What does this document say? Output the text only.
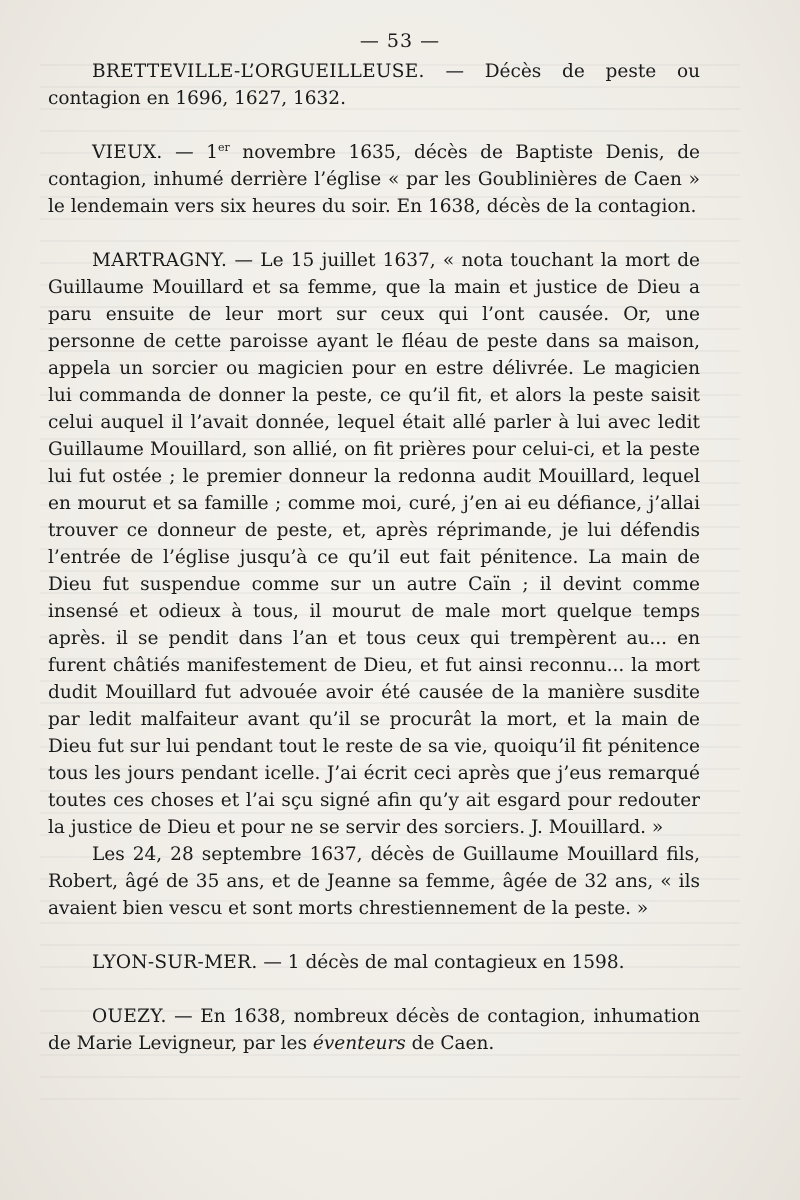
— 53 —

BRETTEVILLE-L’ORGUEILLEUSE. — Décès de peste ou contagion en 1696, 1627, 1632.

VIEUX. — 1er novembre 1635, décès de Baptiste Denis, de contagion, inhumé derrière l’église « par les Goublinières de Caen » le lendemain vers six heures du soir. En 1638, décès de la contagion.

MARTRAGNY. — Le 15 juillet 1637, « nota touchant la mort de Guillaume Mouillard et sa femme, que la main et justice de Dieu a paru ensuite de leur mort sur ceux qui l’ont causée. Or, une personne de cette paroisse ayant le fléau de peste dans sa maison, appela un sorcier ou magicien pour en estre délivrée. Le magicien lui commanda de donner la peste, ce qu’il fit, et alors la peste saisit celui auquel il l’avait donnée, lequel était allé parler à lui avec ledit Guillaume Mouillard, son allié, on fit prières pour celui-ci, et la peste lui fut ostée ; le premier donneur la redonna audit Mouillard, lequel en mourut et sa famille ; comme moi, curé, j’en ai eu défiance, j’allai trouver ce donneur de peste, et, après réprimande, je lui défendis l’entrée de l’église jusqu’à ce qu’il eut fait pénitence. La main de Dieu fut suspendue comme sur un autre Caïn ; il devint comme insensé et odieux à tous, il mourut de male mort quelque temps après. il se pendit dans l’an et tous ceux qui trempèrent au... en furent châtiés manifestement de Dieu, et fut ainsi reconnu... la mort dudit Mouillard fut advouée avoir été causée de la manière susdite par ledit malfaiteur avant qu’il se procurât la mort, et la main de Dieu fut sur lui pendant tout le reste de sa vie, quoiqu’il fit pénitence tous les jours pendant icelle. J’ai écrit ceci après que j’eus remarqué toutes ces choses et l’ai sçu signé afin qu’y ait esgard pour redouter la justice de Dieu et pour ne se servir des sorciers. J. Mouillard. »

Les 24, 28 septembre 1637, décès de Guillaume Mouillard fils, Robert, âgé de 35 ans, et de Jeanne sa femme, âgée de 32 ans, « ils avaient bien vescu et sont morts chrestiennement de la peste. »

LYON-SUR-MER. — 1 décès de mal contagieux en 1598.

OUEZY. — En 1638, nombreux décès de contagion, inhumation de Marie Levigneur, par les éventeurs de Caen.
